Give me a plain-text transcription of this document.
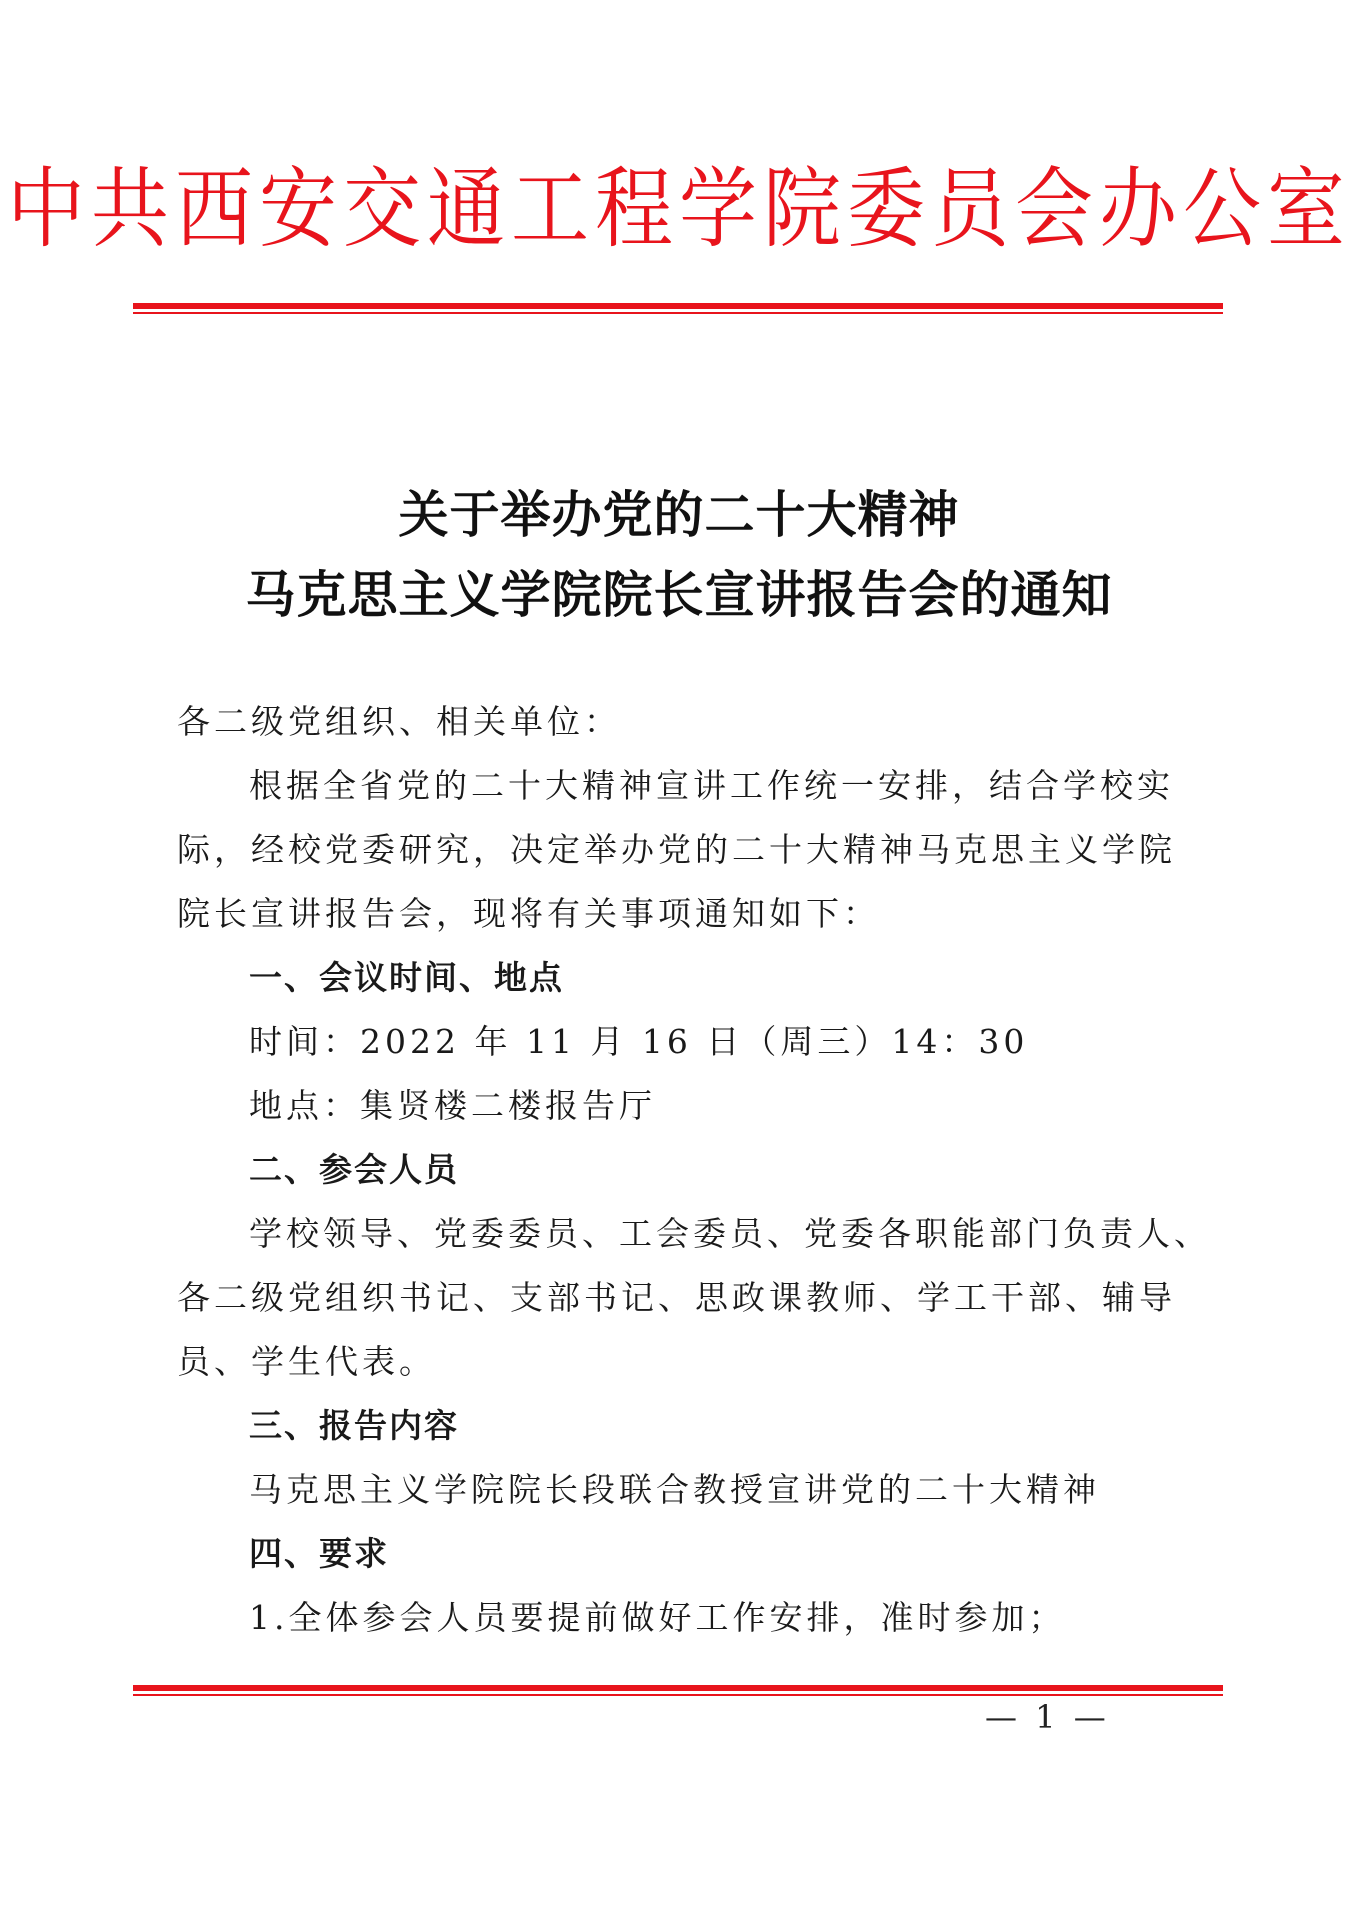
中共西安交通工程学院委员会办公室
关于举办党的二十大精神
马克思主义学院院长宣讲报告会的通知
各二级党组织、相关单位：
根据全省党的二十大精神宣讲工作统一安排，结合学校实
际，经校党委研究，决定举办党的二十大精神马克思主义学院
院长宣讲报告会，现将有关事项通知如下：
一、会议时间、地点
时间：2022 年 11 月 16 日（周三）14：30
地点：集贤楼二楼报告厅
二、参会人员
学校领导、党委委员、工会委员、党委各职能部门负责人、
各二级党组织书记、支部书记、思政课教师、学工干部、辅导
员、学生代表。
三、报告内容
马克思主义学院院长段联合教授宣讲党的二十大精神
四、要求
1.全体参会人员要提前做好工作安排，准时参加；
— 1 —
